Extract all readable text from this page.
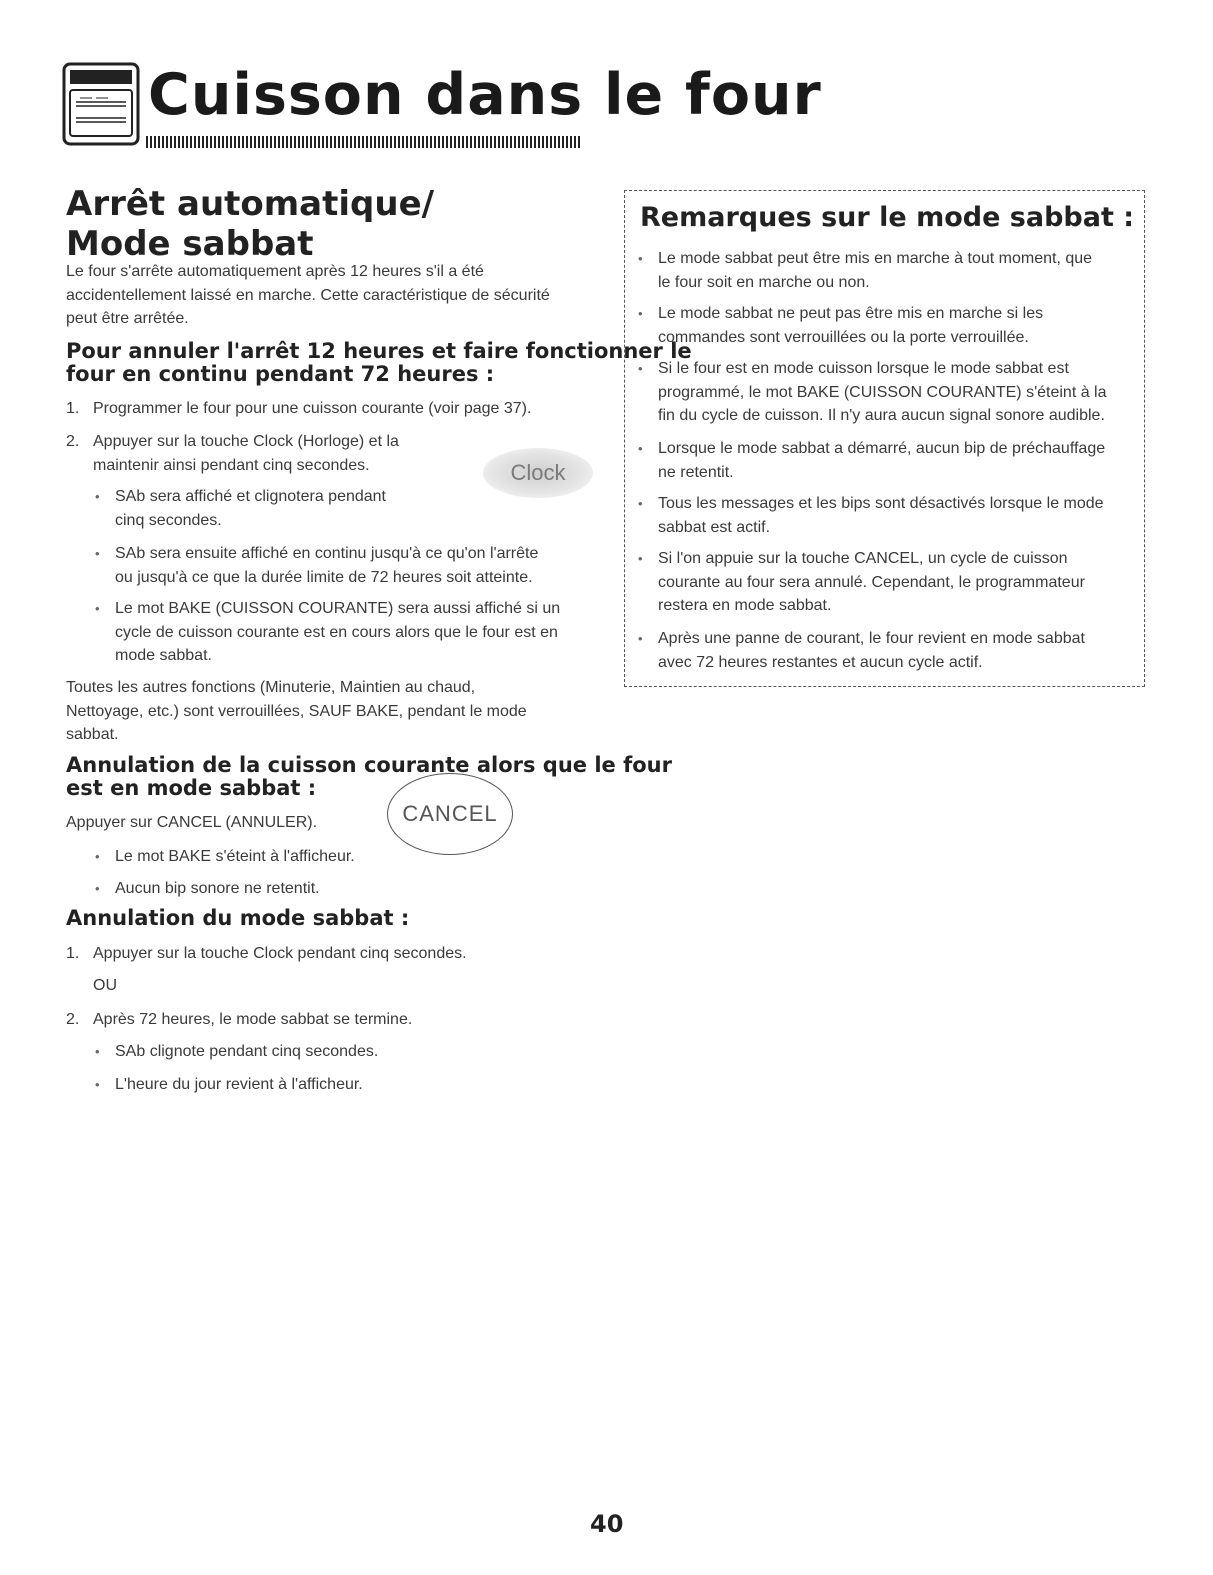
Cuisson dans le four
Arrêt automatique/
Mode sabbat

Le four s'arrête automatiquement après 12 heures s'il a été
accidentellement laissé en marche. Cette caractéristique de sécurité
peut être arrêtée.

Pour annuler l'arrêt 12 heures et faire fonctionner le
four en continu pendant 72 heures :
1. Programmer le four pour une cuisson courante (voir page 37).
2. Appuyer sur la touche Clock (Horloge) et la
maintenir ainsi pendant cinq secondes.
• SAb sera affiché et clignotera pendant
cinq secondes.
Clock
• SAb sera ensuite affiché en continu jusqu'à ce qu'on l'arrête
ou jusqu'à ce que la durée limite de 72 heures soit atteinte.
• Le mot BAKE (CUISSON COURANTE) sera aussi affiché si un
cycle de cuisson courante est en cours alors que le four est en
mode sabbat.

Toutes les autres fonctions (Minuterie, Maintien au chaud,
Nettoyage, etc.) sont verrouillées, SAUF BAKE, pendant le mode
sabbat.

Annulation de la cuisson courante alors que le four
est en mode sabbat :
Appuyer sur CANCEL (ANNULER).	CANCEL
• Le mot BAKE s'éteint à l'afficheur.
• Aucun bip sonore ne retentit.
Annulation du mode sabbat :
1. Appuyer sur la touche Clock pendant cinq secondes.
OU
2. Après 72 heures, le mode sabbat se termine.
• SAb clignote pendant cinq secondes.
• L'heure du jour revient à l'afficheur.
Remarques sur le mode sabbat :
• Le mode sabbat peut être mis en marche à tout moment, que
le four soit en marche ou non.
• Le mode sabbat ne peut pas être mis en marche si les
commandes sont verrouillées ou la porte verrouillée.
• Si le four est en mode cuisson lorsque le mode sabbat est
programmé, le mot BAKE (CUISSON COURANTE) s'éteint à la
fin du cycle de cuisson. Il n'y aura aucun signal sonore audible.
• Lorsque le mode sabbat a démarré, aucun bip de préchauffage
ne retentit.
• Tous les messages et les bips sont désactivés lorsque le mode
sabbat est actif.
• Si l'on appuie sur la touche CANCEL, un cycle de cuisson
courante au four sera annulé. Cependant, le programmateur
restera en mode sabbat.
• Après une panne de courant, le four revient en mode sabbat
avec 72 heures restantes et aucun cycle actif.
40
